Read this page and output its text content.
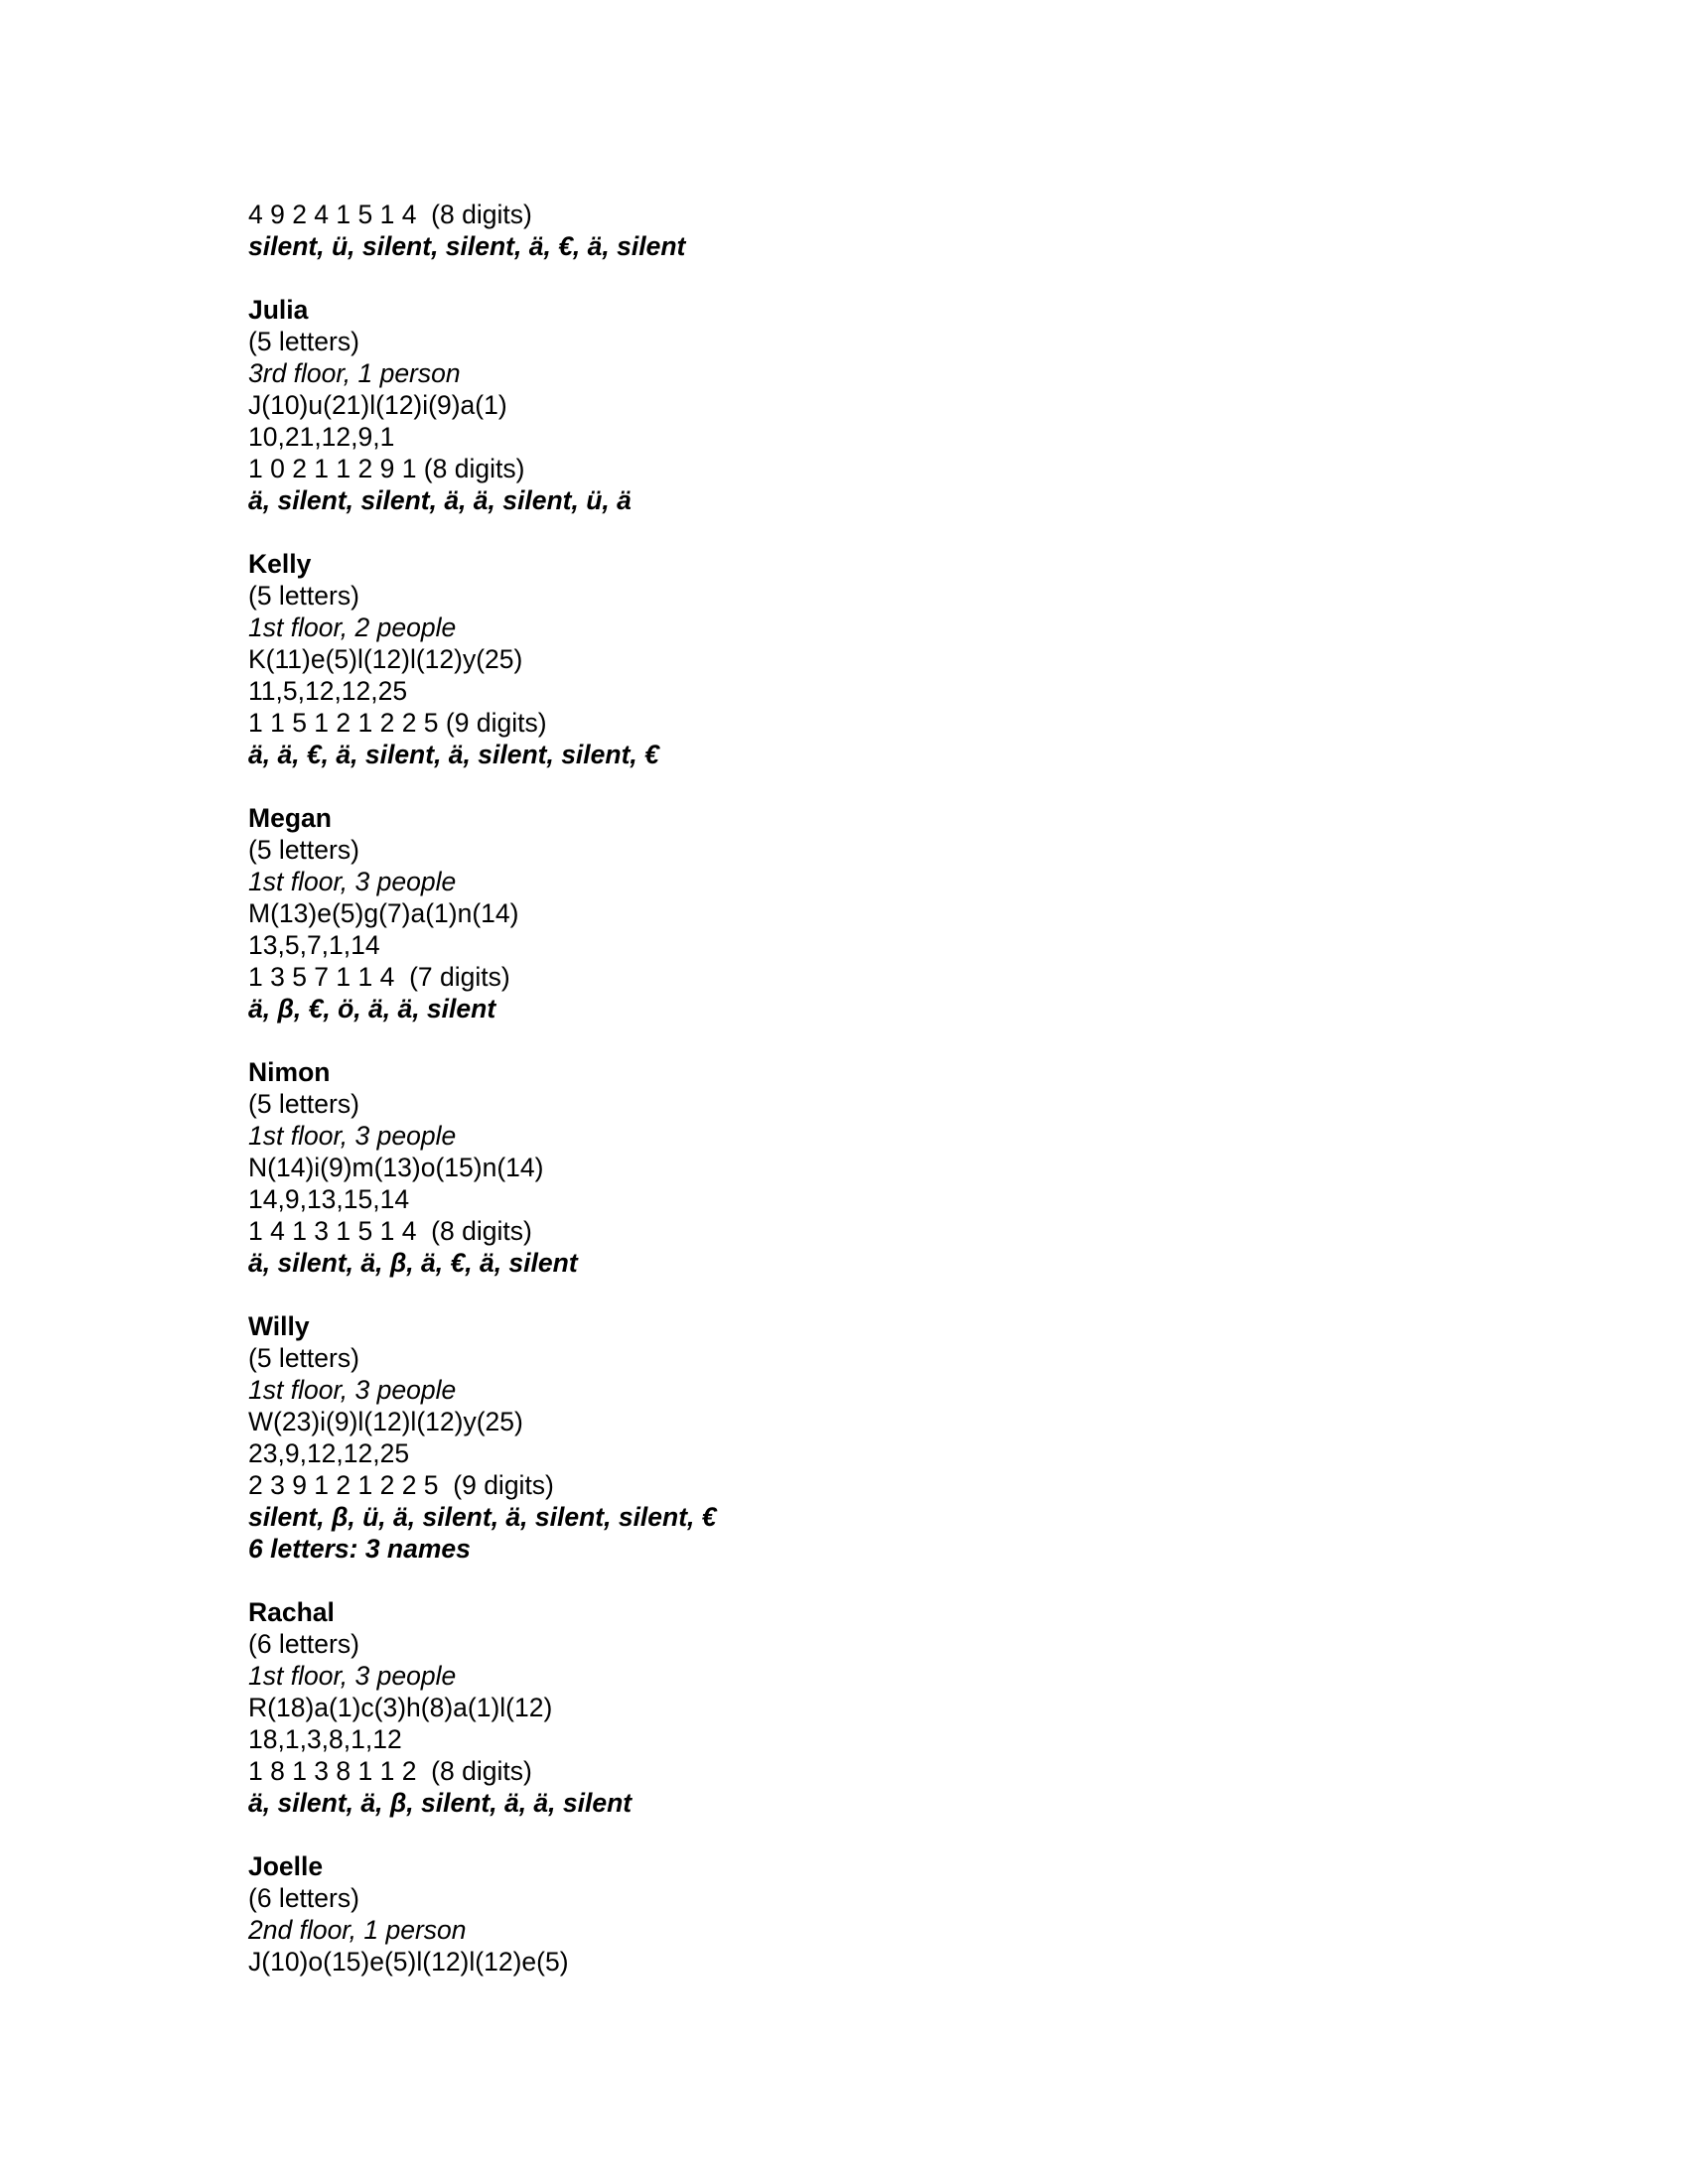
4 9 2 4 1 5 1 4  (8 digits)
silent, ü, silent, silent, ä, €, ä, silent
Julia
(5 letters)
3rd floor, 1 person
J(10)u(21)l(12)i(9)a(1)
10,21,12,9,1
1 0 2 1 1 2 9 1 (8 digits)
ä, silent, silent, ä, ä, silent, ü, ä
Kelly
(5 letters)
1st floor, 2 people
K(11)e(5)l(12)l(12)y(25)
11,5,12,12,25
1 1 5 1 2 1 2 2 5 (9 digits)
ä, ä, €, ä, silent, ä, silent, silent, €
Megan
(5 letters)
1st floor, 3 people
M(13)e(5)g(7)a(1)n(14)
13,5,7,1,14
1 3 5 7 1 1 4  (7 digits)
ä, β, €, ö, ä, ä, silent
Nimon
(5 letters)
1st floor, 3 people
N(14)i(9)m(13)o(15)n(14)
14,9,13,15,14
1 4 1 3 1 5 1 4  (8 digits)
ä, silent, ä, β, ä, €, ä, silent
Willy
(5 letters)
1st floor, 3 people
W(23)i(9)l(12)l(12)y(25)
23,9,12,12,25
2 3 9 1 2 1 2 2 5  (9 digits)
silent, β, ü, ä, silent, ä, silent, silent, €
6 letters: 3 names
Rachal
(6 letters)
1st floor, 3 people
R(18)a(1)c(3)h(8)a(1)l(12)
18,1,3,8,1,12
1 8 1 3 8 1 1 2  (8 digits)
ä, silent, ä, β, silent, ä, ä, silent
Joelle
(6 letters)
2nd floor, 1 person
J(10)o(15)e(5)l(12)l(12)e(5)
